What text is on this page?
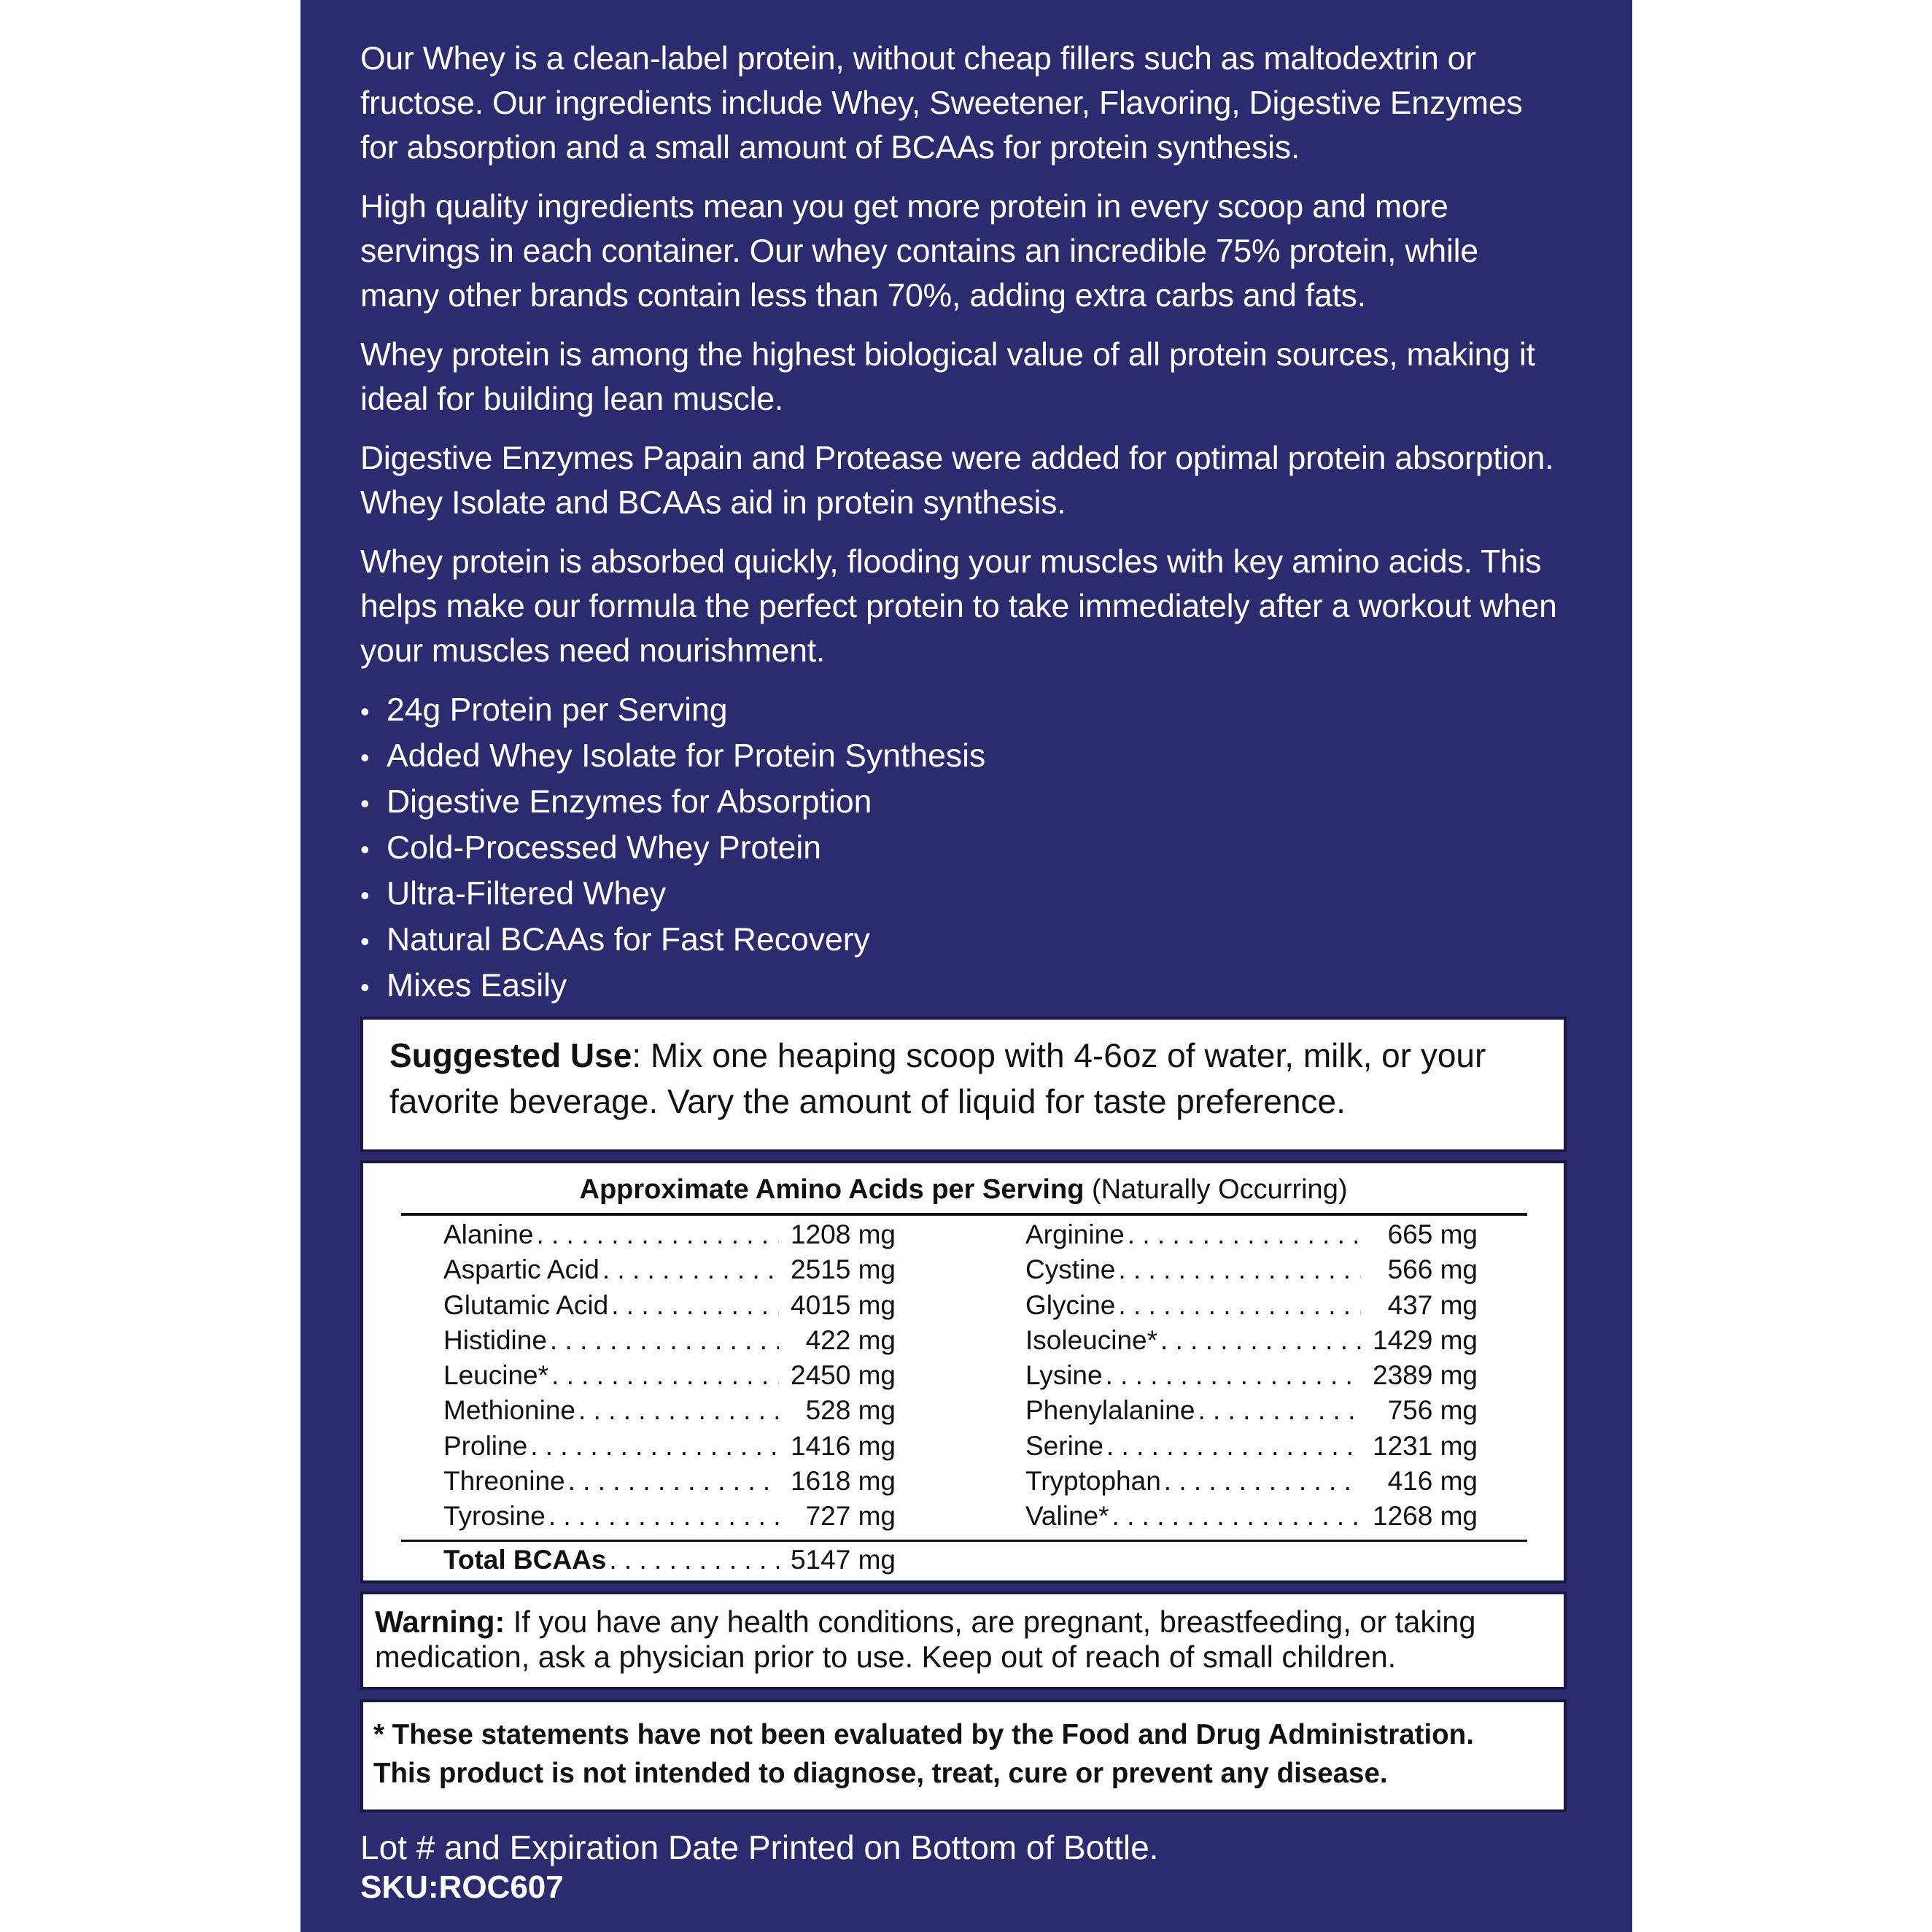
Our Whey is a clean-label protein, without cheap fillers such as maltodextrin or fructose. Our ingredients include Whey, Sweetener, Flavoring, Digestive Enzymes for absorption and a small amount of BCAAs for protein synthesis.

High quality ingredients mean you get more protein in every scoop and more servings in each container. Our whey contains an incredible 75% protein, while many other brands contain less than 70%, adding extra carbs and fats.

Whey protein is among the highest biological value of all protein sources, making it ideal for building lean muscle.

Digestive Enzymes Papain and Protease were added for optimal protein absorption. Whey Isolate and BCAAs aid in protein synthesis.

Whey protein is absorbed quickly, flooding your muscles with key amino acids. This helps make our formula the perfect protein to take immediately after a workout when your muscles need nourishment.

• 24g Protein per Serving
• Added Whey Isolate for Protein Synthesis
• Digestive Enzymes for Absorption
• Cold-Processed Whey Protein
• Ultra-Filtered Whey
• Natural BCAAs for Fast Recovery
• Mixes Easily
Suggested Use: Mix one heaping scoop with 4-6oz of water, milk, or your favorite beverage. Vary the amount of liquid for taste preference.
Approximate Amino Acids per Serving (Naturally Occurring)
Alanine . . .	1208 mg
Aspartic Acid . . .	2515 mg
Glutamic Acid . . .	4015 mg
Histidine . . .	422 mg
Leucine* . . .	2450 mg
Methionine . . .	528 mg
Proline . . .	1416 mg
Threonine . . .	1618 mg
Tyrosine . . .	727 mg
Arginine . . .	665 mg
Cystine . . .	566 mg
Glycine . . .	437 mg
Isoleucine* . . .	1429 mg
Lysine . . .	2389 mg
Phenylalanine . . .	756 mg
Serine . . .	1231 mg
Tryptophan . . .	416 mg
Valine* . . .	1268 mg
Total BCAAs . . .	5147 mg
Warning: If you have any health conditions, are pregnant, breastfeeding, or taking medication, ask a physician prior to use. Keep out of reach of small children.
* These statements have not been evaluated by the Food and Drug Administration.
This product is not intended to diagnose, treat, cure or prevent any disease.
Lot # and Expiration Date Printed on Bottom of Bottle.
SKU:ROC607
